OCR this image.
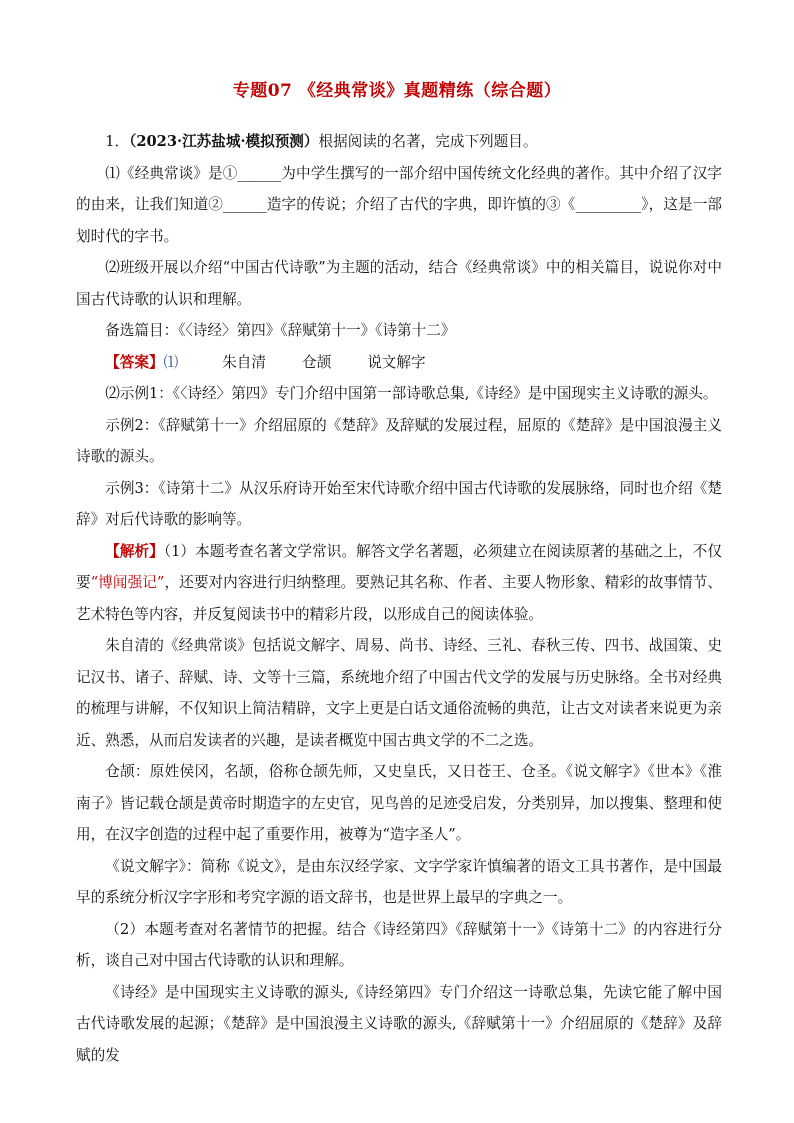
专题07 《经典常谈》真题精练（综合题）

1．（2023·江苏盐城·模拟预测）根据阅读的名著，完成下列题目。

⑴《经典常谈》是①______为中学生撰写的一部介绍中国传统文化经典的著作。其中介绍了汉字的由来，让我们知道②______造字的传说；介绍了古代的字典，即许慎的③《_________》，这是一部划时代的字书。

⑵班级开展以介绍“中国古代诗歌”为主题的活动，结合《经典常谈》中的相关篇目，说说你对中国古代诗歌的认识和理解。

备选篇目：《〈诗经〉第四》《辞赋第十一》《诗第十二》

【答案】⑴	朱自清 仓颉 说文解字

⑵示例1：《〈诗经〉第四》专门介绍中国第一部诗歌总集,《诗经》是中国现实主义诗歌的源头。

示例2：《辞赋第十一》介绍屈原的《楚辞》及辞赋的发展过程，屈原的《楚辞》是中国浪漫主义诗歌的源头。

示例3：《诗第十二》从汉乐府诗开始至宋代诗歌介绍中国古代诗歌的发展脉络，同时也介绍《楚辞》对后代诗歌的影响等。

【解析】（1）本题考查名著文学常识。解答文学名著题，必须建立在阅读原著的基础之上，不仅要“博闻强记”，还要对内容进行归纳整理。要熟记其名称、作者、主要人物形象、精彩的故事情节、艺术特色等内容，并反复阅读书中的精彩片段，以形成自己的阅读体验。

朱自清的《经典常谈》包括说文解字、周易、尚书、诗经、三礼、春秋三传、四书、战国策、史记汉书、诸子、辞赋、诗、文等十三篇，系统地介绍了中国古代文学的发展与历史脉络。全书对经典的梳理与讲解，不仅知识上简洁精辟，文字上更是白话文通俗流畅的典范，让古文对读者来说更为亲近、熟悉，从而启发读者的兴趣，是读者概览中国古典文学的不二之选。

仓颉：原姓侯冈，名颉，俗称仓颉先师，又史皇氏，又日苍王、仓圣。《说文解字》《世本》《淮南子》皆记载仓颉是黄帝时期造字的左史官，见鸟兽的足迹受启发，分类别异，加以搜集、整理和使用，在汉字创造的过程中起了重要作用，被尊为“造字圣人”。

《说文解字》：简称《说文》，是由东汉经学家、文字学家许慎编著的语文工具书著作，是中国最早的系统分析汉字字形和考究字源的语文辞书，也是世界上最早的字典之一。

（2）本题考查对名著情节的把握。结合《诗经第四》《辞赋第十一》《诗第十二》的内容进行分析，谈自己对中国古代诗歌的认识和理解。

《诗经》是中国现实主义诗歌的源头,《诗经第四》专门介绍这一诗歌总集，先读它能了解中国古代诗歌发展的起源；《楚辞》是中国浪漫主义诗歌的源头,《辞赋第十一》介绍屈原的《楚辞》及辞赋的发
